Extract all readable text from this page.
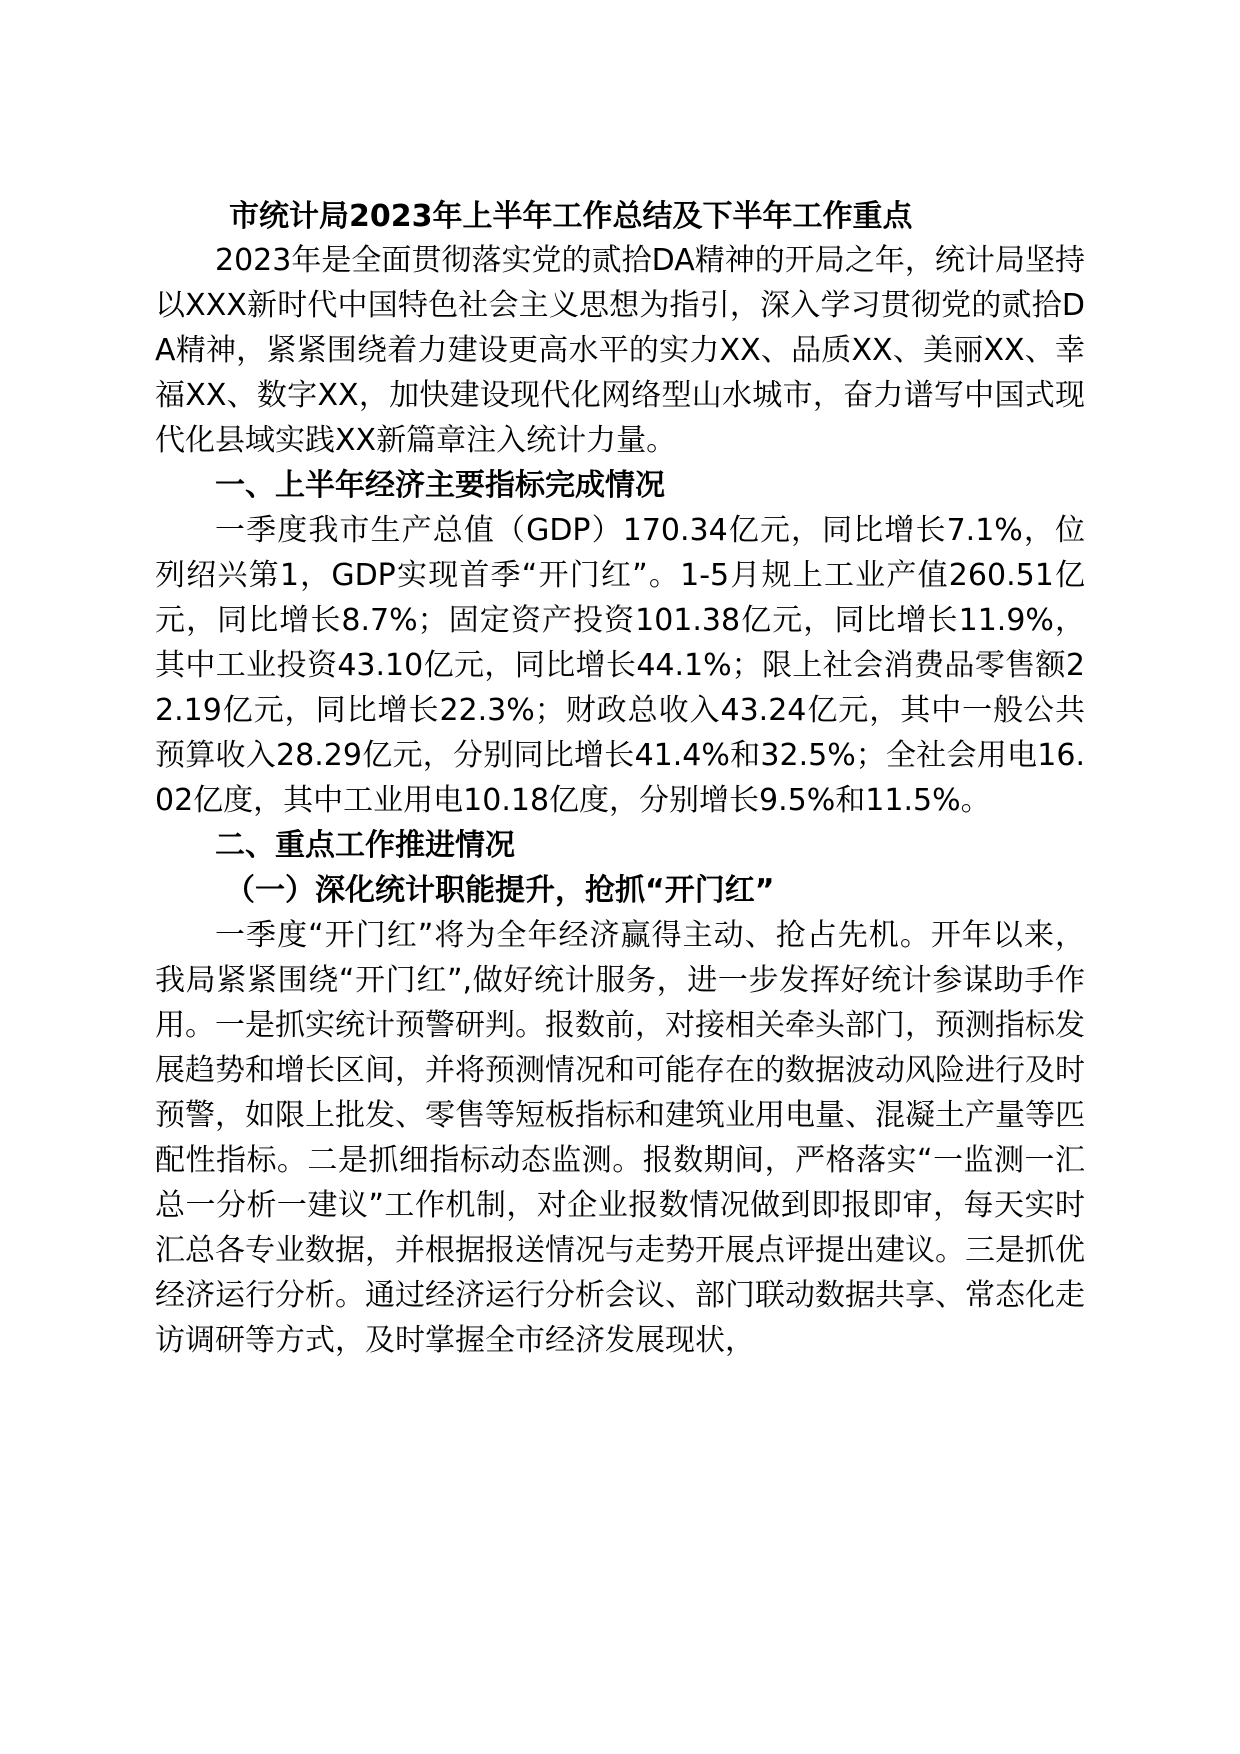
市统计局2023年上半年工作总结及下半年工作重点

2023年是全面贯彻落实党的贰拾DA精神的开局之年，统计局坚持以XXX新时代中国特色社会主义思想为指引，深入学习贯彻党的贰拾DA精神，紧紧围绕着力建设更高水平的实力XX、品质XX、美丽XX、幸福XX、数字XX，加快建设现代化网络型山水城市，奋力谱写中国式现代化县域实践XX新篇章注入统计力量。

一、上半年经济主要指标完成情况

一季度我市生产总值（GDP）170.34亿元，同比增长7.1%，位列绍兴第1，GDP实现首季“开门红”。1-5月规上工业产值260.51亿元，同比增长8.7%；固定资产投资101.38亿元，同比增长11.9%，其中工业投资43.10亿元，同比增长44.1%；限上社会消费品零售额22.19亿元，同比增长22.3%；财政总收入43.24亿元，其中一般公共预算收入28.29亿元，分别同比增长41.4%和32.5%；全社会用电16.02亿度，其中工业用电10.18亿度，分别增长9.5%和11.5%。

二、重点工作推进情况
（一）深化统计职能提升，抢抓“开门红”

一季度“开门红”将为全年经济赢得主动、抢占先机。开年以来，我局紧紧围绕“开门红”,做好统计服务，进一步发挥好统计参谋助手作用。一是抓实统计预警研判。报数前，对接相关牵头部门，预测指标发展趋势和增长区间，并将预测情况和可能存在的数据波动风险进行及时预警，如限上批发、零售等短板指标和建筑业用电量、混凝土产量等匹配性指标。二是抓细指标动态监测。报数期间，严格落实“一监测一汇总一分析一建议”工作机制，对企业报数情况做到即报即审，每天实时汇总各专业数据，并根据报送情况与走势开展点评提出建议。三是抓优经济运行分析。通过经济运行分析会议、部门联动数据共享、常态化走访调研等方式，及时掌握全市经济发展现状，
